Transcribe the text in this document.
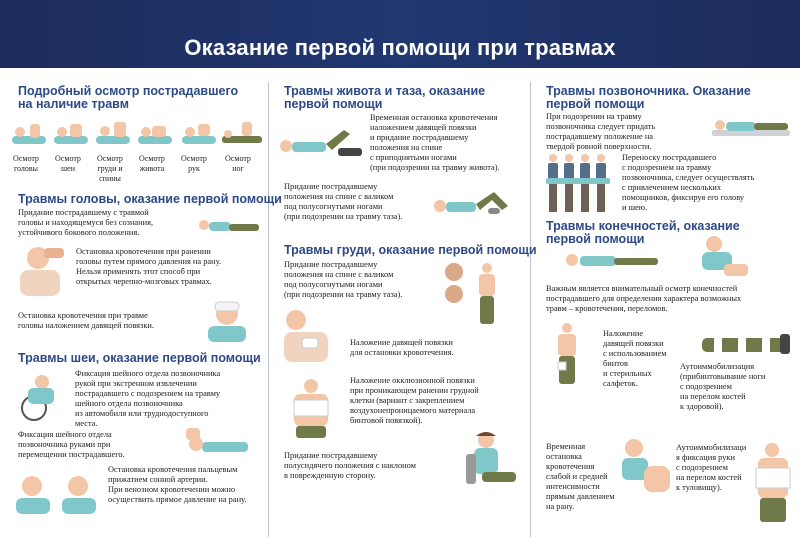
Оказание первой помощи при травмах
Подробный осмотр пострадавшего
на наличие травм
Осмотр
головы
Осмотр
шеи
Осмотр
груди и
спины
Осмотр
живота
Осмотр
рук
Осмотр
ног
Травмы головы, оказание первой помощи
Придание пострадавшему с травмой
головы и находящемуся без сознания,
устойчивого бокового положения.
Остановка кровотечения при ранении
головы путем прямого давления на рану.
Нельзя применять этот способ при
открытых черепно-мозговых травмах.
Остановка кровотечения при травме
головы наложением давящей повязки.
Травмы шеи, оказание первой помощи
Фиксация шейного отдела позвоночника
рукой при экстренном извлечении
пострадавшего с подозрением на травму
шейного отдела позвоночника
из автомобиля или труднодоступного
места.
Фиксация шейного отдела
позвоночника руками при
перемещении пострадавшего.
Остановка кровотечения пальцевым
прижатием сонной артерии.
При венозном кровотечении можно
осуществить прямое давление на рану.
Травмы живота и таза, оказание
первой помощи
Временная остановка кровотечения
наложением давящей повязки
и придание пострадавшему
положения на спине
с приподнятыми ногами
(при подозрении на травму живота).
Придание пострадавшему
положения на спине с валиком
под полусогнутыми ногами
(при подозрении на травму таза).
Травмы груди, оказание первой помощи
Придание пострадавшему
положения на спине с валиком
под полусогнутыми ногами
(при подозрении на травму таза).
Наложение давящей повязки
для остановки кровотечения.
Наложение окклюзионной повязки
при проникающем ранении грудной
клетки (вариант с закреплением
воздухонепроницаемого материала
бинтовой повязкой).
Придание пострадавшему
полусидячего положения с наклоном
в поврежденную сторону.
Травмы позвоночника. Оказание
первой помощи
При подозрении на травму
позвоночника следует придать
пострадавшему положение на
твердой ровной поверхности.
Переноску пострадавшего
с подозрением на травму
позвоночника, следует осуществлять
с привлечением нескольких
помощников, фиксируя его голову
и шею.
Травмы конечностей, оказание
первой помощи
Важным является внимательный осмотр конечностей
пострадавшего для определения характера возможных
травм – кровотечения, переломов.
Наложение
давящей повязки
с использованием
бинтов
и стерильных
салфеток.
Аутоиммобилизация
(прибинтовывание ноги
с подозрением
на перелом костей
к здоровой).
Временная
остановка
кровотечения
слабой и средней
интенсивности
прямым давлением
на рану.
Аутоиммобилизаци
я фиксация руки
с подозрением
на перелом костей
к туловищу).
